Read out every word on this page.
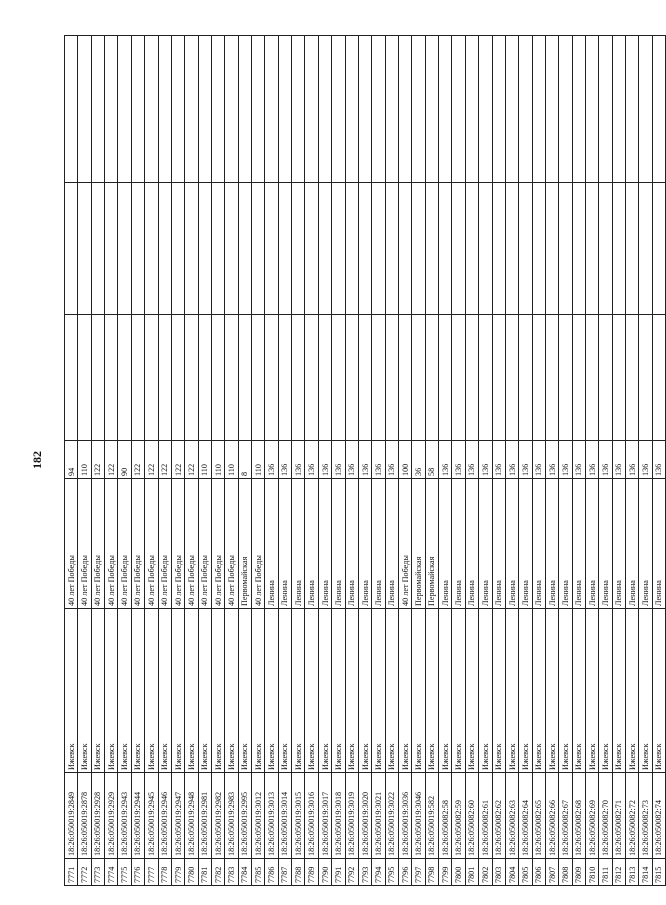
182
7771	18:26:050019:2849	Ижевск	40 лет Победы	94			
7772	18:26:050019:2878	Ижевск	40 лет Победы	110			
7773	18:26:050019:2928	Ижевск	40 лет Победы	122			
7774	18:26:050019:2929	Ижевск	40 лет Победы	122			
7775	18:26:050019:2943	Ижевск	40 лет Победы	90			
7776	18:26:050019:2944	Ижевск	40 лет Победы	122			
7777	18:26:050019:2945	Ижевск	40 лет Победы	122			
7778	18:26:050019:2946	Ижевск	40 лет Победы	122			
7779	18:26:050019:2947	Ижевск	40 лет Победы	122			
7780	18:26:050019:2948	Ижевск	40 лет Победы	122			
7781	18:26:050019:2981	Ижевск	40 лет Победы	110			
7782	18:26:050019:2982	Ижевск	40 лет Победы	110			
7783	18:26:050019:2983	Ижевск	40 лет Победы	110			
7784	18:26:050019:2995	Ижевск	Первомайская	8			
7785	18:26:050019:3012	Ижевск	40 лет Победы	110			
7786	18:26:050019:3013	Ижевск	Ленина	136			
7787	18:26:050019:3014	Ижевск	Ленина	136			
7788	18:26:050019:3015	Ижевск	Ленина	136			
7789	18:26:050019:3016	Ижевск	Ленина	136			
7790	18:26:050019:3017	Ижевск	Ленина	136			
7791	18:26:050019:3018	Ижевск	Ленина	136			
7792	18:26:050019:3019	Ижевск	Ленина	136			
7793	18:26:050019:3020	Ижевск	Ленина	136			
7794	18:26:050019:3021	Ижевск	Ленина	136			
7795	18:26:050019:3022	Ижевск	Ленина	136			
7796	18:26:050019:3036	Ижевск	40 лет Победы	100			
7797	18:26:050019:3046	Ижевск	Первомайская	36			
7798	18:26:050019:582	Ижевск	Первомайская	58			
7799	18:26:050082:58	Ижевск	Ленина	136			
7800	18:26:050082:59	Ижевск	Ленина	136			
7801	18:26:050082:60	Ижевск	Ленина	136			
7802	18:26:050082:61	Ижевск	Ленина	136			
7803	18:26:050082:62	Ижевск	Ленина	136			
7804	18:26:050082:63	Ижевск	Ленина	136			
7805	18:26:050082:64	Ижевск	Ленина	136			
7806	18:26:050082:65	Ижевск	Ленина	136			
7807	18:26:050082:66	Ижевск	Ленина	136			
7808	18:26:050082:67	Ижевск	Ленина	136			
7809	18:26:050082:68	Ижевск	Ленина	136			
7810	18:26:050082:69	Ижевск	Ленина	136			
7811	18:26:050082:70	Ижевск	Ленина	136			
7812	18:26:050082:71	Ижевск	Ленина	136			
7813	18:26:050082:72	Ижевск	Ленина	136			
7814	18:26:050082:73	Ижевск	Ленина	136			
7815	18:26:050082:74	Ижевск	Ленина	136			
